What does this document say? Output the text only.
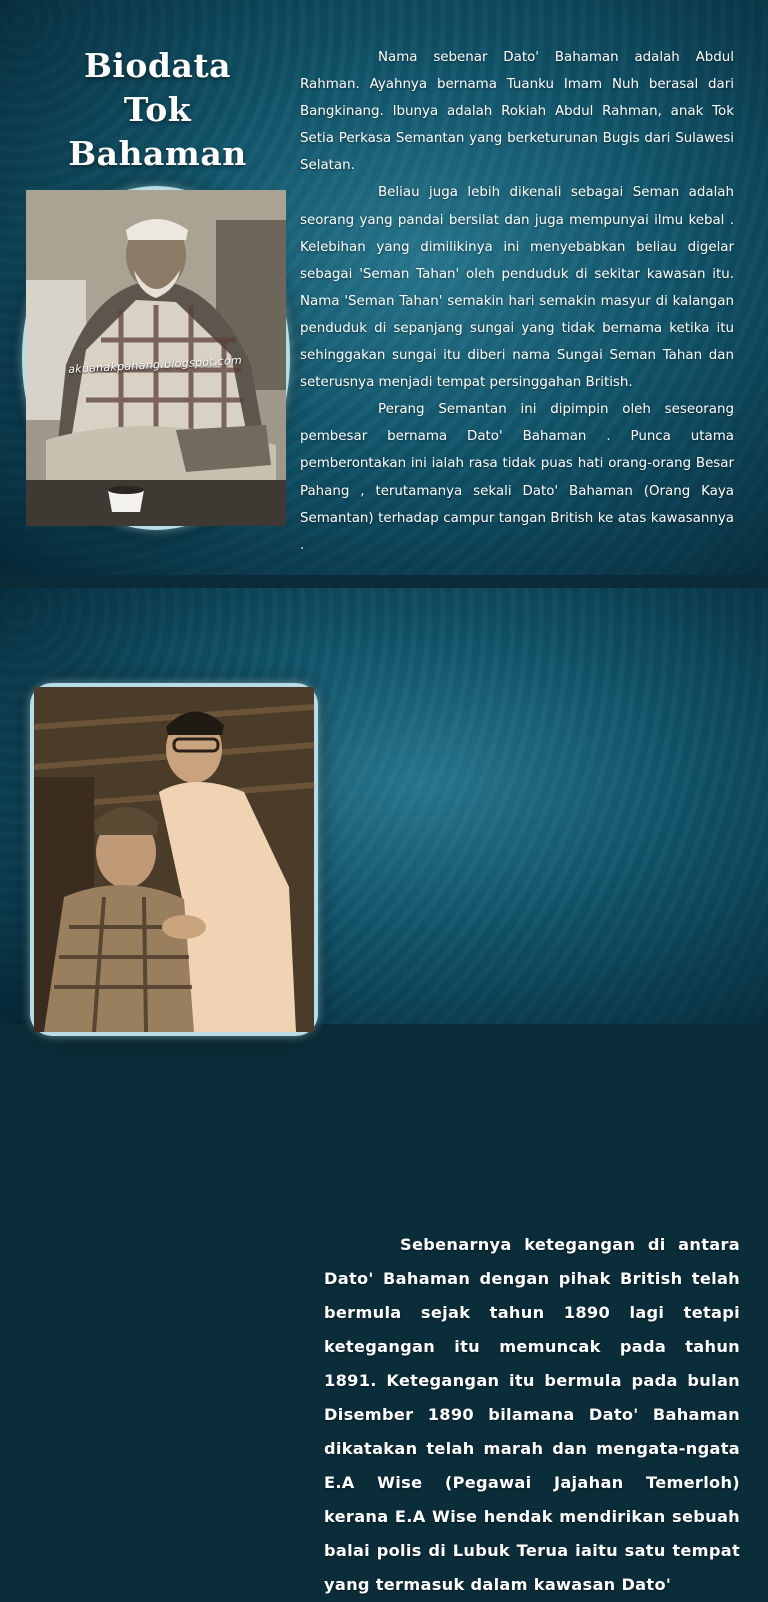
Biodata
Tok
Bahaman
akuanakpahang.blogspot.com

Nama sebenar Dato' Bahaman adalah Abdul Rahman. Ayahnya bernama Tuanku Imam Nuh berasal dari Bangkinang. Ibunya adalah Rokiah Abdul Rahman, anak Tok Setia Perkasa Semantan yang berketurunan Bugis dari Sulawesi Selatan.

Beliau juga lebih dikenali sebagai Seman adalah seorang yang pandai bersilat dan juga mempunyai ilmu kebal . Kelebihan yang dimilikinya ini menyebabkan beliau digelar sebagai 'Seman Tahan' oleh penduduk di sekitar kawasan itu. Nama 'Seman Tahan' semakin hari semakin masyur di kalangan penduduk di sepanjang sungai yang tidak bernama ketika itu sehinggakan sungai itu diberi nama Sungai Seman Tahan dan seterusnya menjadi tempat persinggahan British.

Perang Semantan ini dipimpin oleh seseorang pembesar bernama Dato' Bahaman . Punca utama pemberontakan ini ialah rasa tidak puas hati orang-orang Besar Pahang , terutamanya sekali Dato' Bahaman (Orang Kaya Semantan) terhadap campur tangan British ke atas kawasannya .

Sebenarnya ketegangan di antara Dato' Bahaman dengan pihak British telah bermula sejak tahun 1890 lagi tetapi ketegangan itu memuncak pada tahun 1891. Ketegangan itu bermula pada bulan Disember 1890 bilamana Dato' Bahaman dikatakan telah marah dan mengata-ngata E.A Wise (Pegawai Jajahan Temerloh) kerana E.A Wise hendak mendirikan sebuah balai polis di Lubuk Terua iaitu satu tempat yang termasuk dalam kawasan Dato'
